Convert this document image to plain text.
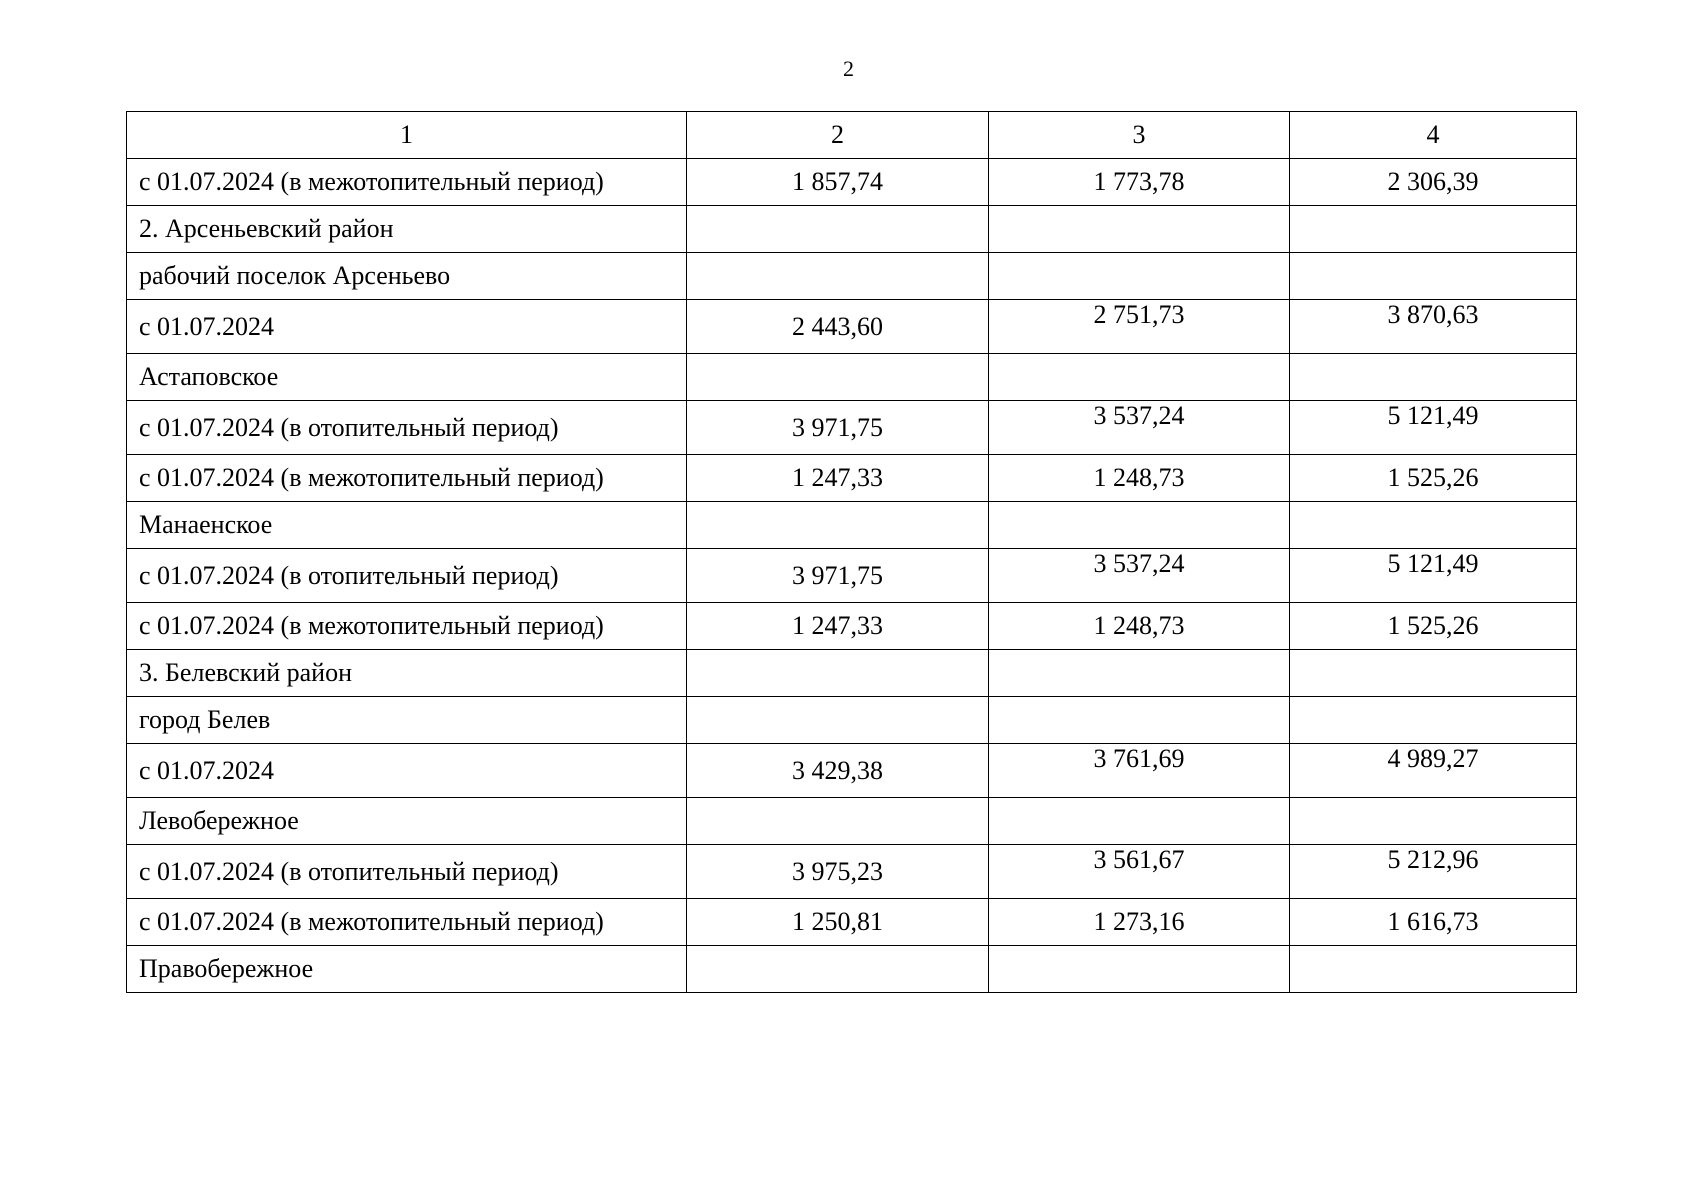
2
1	2	3	4
с 01.07.2024 (в межотопительный период)	1 857,74	1 773,78	2 306,39
2. Арсеньевский район			
рабочий поселок Арсеньево			
с 01.07.2024	2 443,60	2 751,73	3 870,63
Астаповское			
с 01.07.2024 (в отопительный период)	3 971,75	3 537,24	5 121,49
с 01.07.2024 (в межотопительный период)	1 247,33	1 248,73	1 525,26
Манаенское			
с 01.07.2024 (в отопительный период)	3 971,75	3 537,24	5 121,49
с 01.07.2024 (в межотопительный период)	1 247,33	1 248,73	1 525,26
3. Белевский район			
город Белев			
с 01.07.2024	3 429,38	3 761,69	4 989,27
Левобережное			
с 01.07.2024 (в отопительный период)	3 975,23	3 561,67	5 212,96
с 01.07.2024 (в межотопительный период)	1 250,81	1 273,16	1 616,73
Правобережное			
